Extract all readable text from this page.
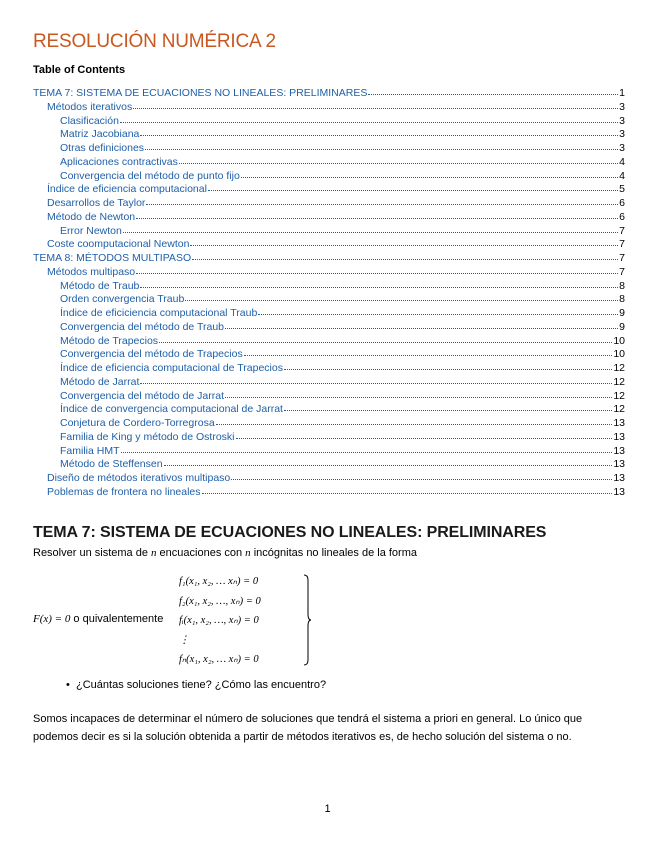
RESOLUCIÓN NUMÉRICA 2
Table of Contents
TEMA 7: SISTEMA DE ECUACIONES NO LINEALES: PRELIMINARES	1
Métodos iterativos	3
Clasificación	3
Matriz Jacobiana	3
Otras definiciones	3
Aplicaciones contractivas	4
Convergencia del método de punto fijo	4
Índice de eficiencia computacional	5
Desarrollos de Taylor	6
Método de Newton	6
Error Newton	7
Coste coomputacional Newton	7
TEMA 8: MÉTODOS MULTIPASO	7
Métodos multipaso	7
Método de Traub	8
Orden convergencia Traub	8
Índice de eficiciencia computacional Traub	9
Convergencia del método de Traub	9
Método de Trapecios	10
Convergencia del método de Trapecios	10
Índice de eficiencia computacional de Trapecios	12
Método de Jarrat	12
Convergencia del método de Jarrat	12
Índice de convergencia computacional de Jarrat	12
Conjetura de Cordero-Torregrosa	13
Familia de King y método de Ostroski	13
Familia HMT	13
Método de Steffensen	13
Diseño de métodos iterativos multipaso	13
Poblemas de frontera no lineales	13
TEMA 7: SISTEMA DE ECUACIONES NO LINEALES: PRELIMINARES
Resolver un sistema de n encuaciones con n incógnitas no lineales de la forma
F(x) = 0 o quivalentemente
f₁(x₁, x₂, … xₙ) = 0
f₂(x₁, x₂, …, xₙ) = 0
fᵢ(x₁, x₂, …, xₙ) = 0
⋮
fₙ(x₁, x₂, … xₙ) = 0
• ¿Cuántas soluciones tiene? ¿Cómo las encuentro?
Somos incapaces de determinar el número de soluciones que tendrá el sistema a priori en general. Lo único que podemos decir es si la solución obtenida a partir de métodos iterativos es, de hecho solución del sistema o no.
1
